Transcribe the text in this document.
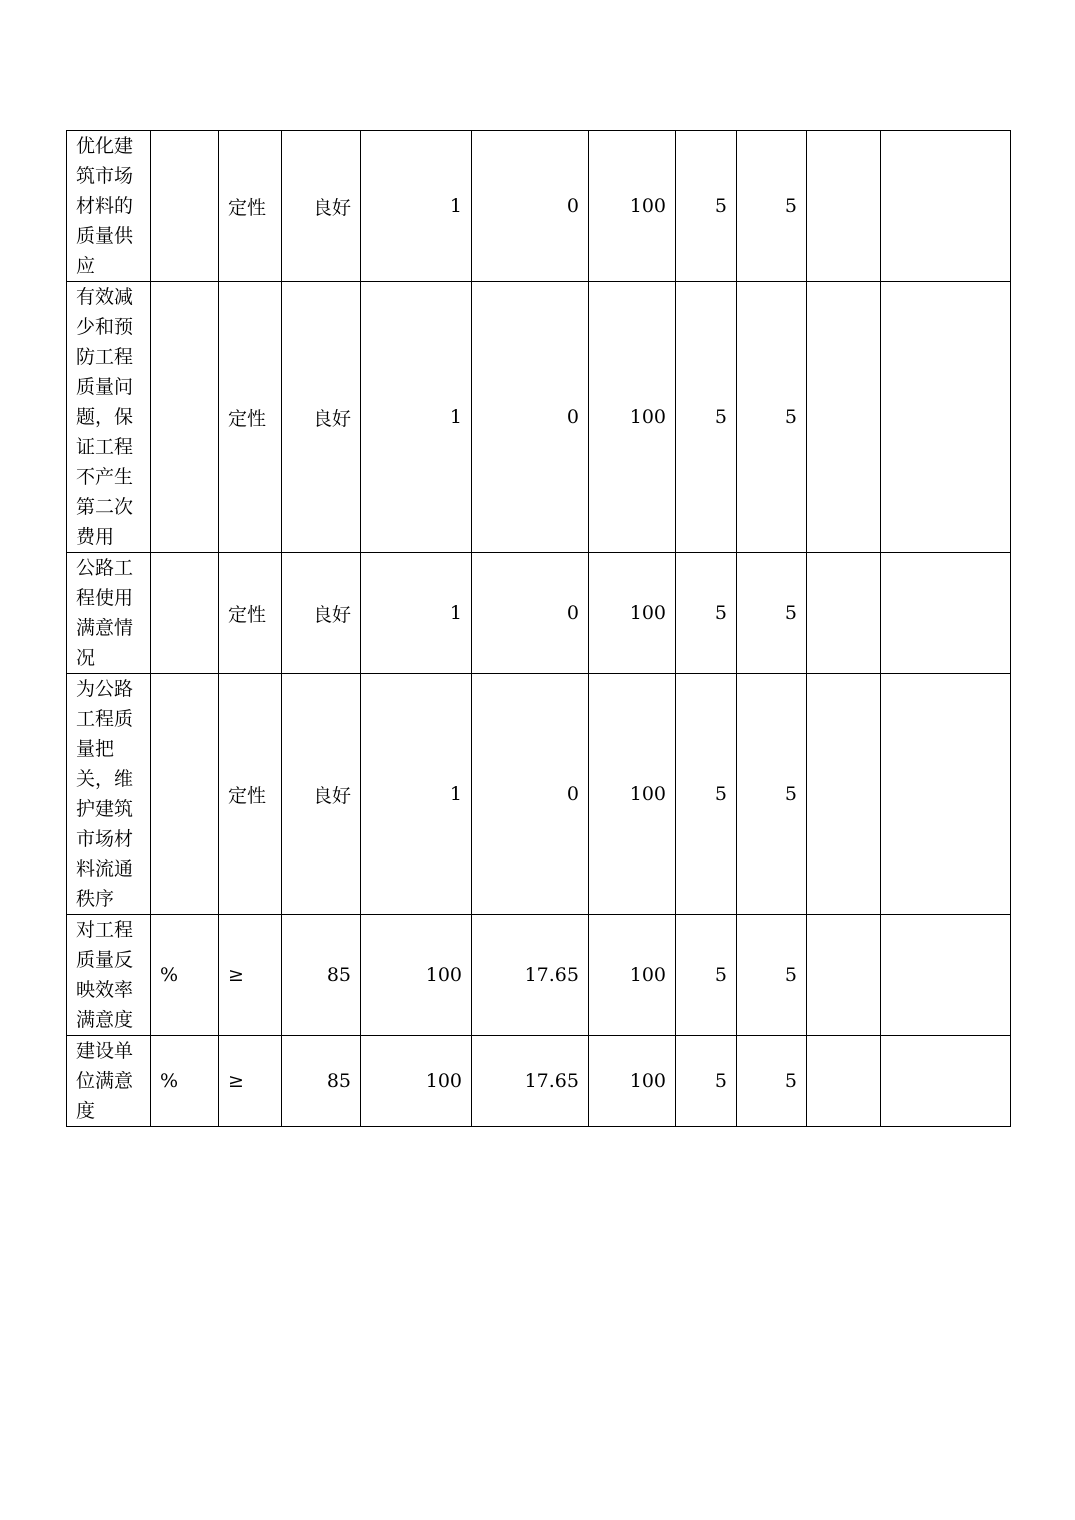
优化建筑市场材料的质量供应		定性	良好	1	0	100	5	5		
有效减少和预防工程质量问题，保证工程不产生第二次费用		定性	良好	1	0	100	5	5		
公路工程使用满意情况		定性	良好	1	0	100	5	5		
为公路工程质量把关，维护建筑市场材料流通秩序		定性	良好	1	0	100	5	5		
对工程质量反映效率满意度	%	≥	85	100	17.65	100	5	5		
建设单位满意度	%	≥	85	100	17.65	100	5	5		
